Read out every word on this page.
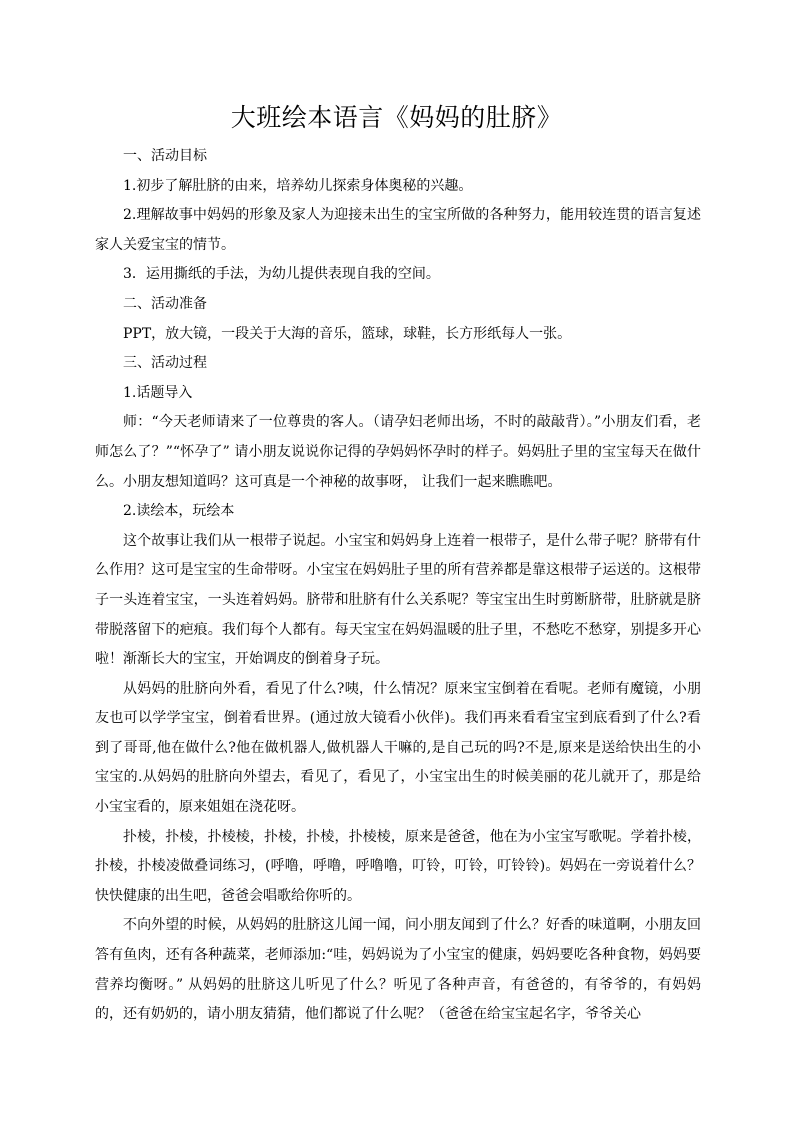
大班绘本语言《妈妈的肚脐》

一、活动目标

1.初步了解肚脐的由来，培养幼儿探索身体奥秘的兴趣。

2.理解故事中妈妈的形象及家人为迎接未出生的宝宝所做的各种努力，能用较连贯的语言复述家人关爱宝宝的情节。

3．运用撕纸的手法，为幼儿提供表现自我的空间。

二、活动准备

PPT，放大镜，一段关于大海的音乐，篮球，球鞋，长方形纸每人一张。

三、活动过程

1.话题导入

师：“今天老师请来了一位尊贵的客人。（请孕妇老师出场，不时的敲敲背）。”小朋友们看，老师怎么了？”“怀孕了” 请小朋友说说你记得的孕妈妈怀孕时的样子。妈妈肚子里的宝宝每天在做什么。小朋友想知道吗？这可真是一个神秘的故事呀， 让我们一起来瞧瞧吧。

2.读绘本，玩绘本

这个故事让我们从一根带子说起。小宝宝和妈妈身上连着一根带子，是什么带子呢？脐带有什么作用？这可是宝宝的生命带呀。小宝宝在妈妈肚子里的所有营养都是靠这根带子运送的。这根带子一头连着宝宝，一头连着妈妈。脐带和肚脐有什么关系呢？等宝宝出生时剪断脐带，肚脐就是脐带脱落留下的疤痕。我们每个人都有。每天宝宝在妈妈温暖的肚子里，不愁吃不愁穿，别提多开心啦！渐渐长大的宝宝，开始调皮的倒着身子玩。

从妈妈的肚脐向外看，看见了什么?咦，什么情况？原来宝宝倒着在看呢。老师有魔镜，小朋友也可以学学宝宝，倒着看世界。(通过放大镜看小伙伴)。我们再来看看宝宝到底看到了什么?看到了哥哥,他在做什么?他在做机器人,做机器人干嘛的,是自己玩的吗?不是,原来是送给快出生的小宝宝的.从妈妈的肚脐向外望去，看见了，看见了，小宝宝出生的时候美丽的花儿就开了，那是给小宝宝看的，原来姐姐在浇花呀。

扑棱，扑棱，扑棱棱，扑棱，扑棱，扑棱棱，原来是爸爸，他在为小宝宝写歌呢。学着扑棱，扑棱，扑棱凌做叠词练习，(呼噜，呼噜，呼噜噜，叮铃，叮铃，叮铃铃)。妈妈在一旁说着什么？快快健康的出生吧，爸爸会唱歌给你听的。

不向外望的时候，从妈妈的肚脐这儿闻一闻，问小朋友闻到了什么？好香的味道啊，小朋友回答有鱼肉，还有各种蔬菜，老师添加:“哇，妈妈说为了小宝宝的健康，妈妈要吃各种食物，妈妈要营养均衡呀。” 从妈妈的肚脐这儿听见了什么？听见了各种声音，有爸爸的，有爷爷的，有妈妈的，还有奶奶的，请小朋友猜猜，他们都说了什么呢？（爸爸在给宝宝起名字，爷爷关心
